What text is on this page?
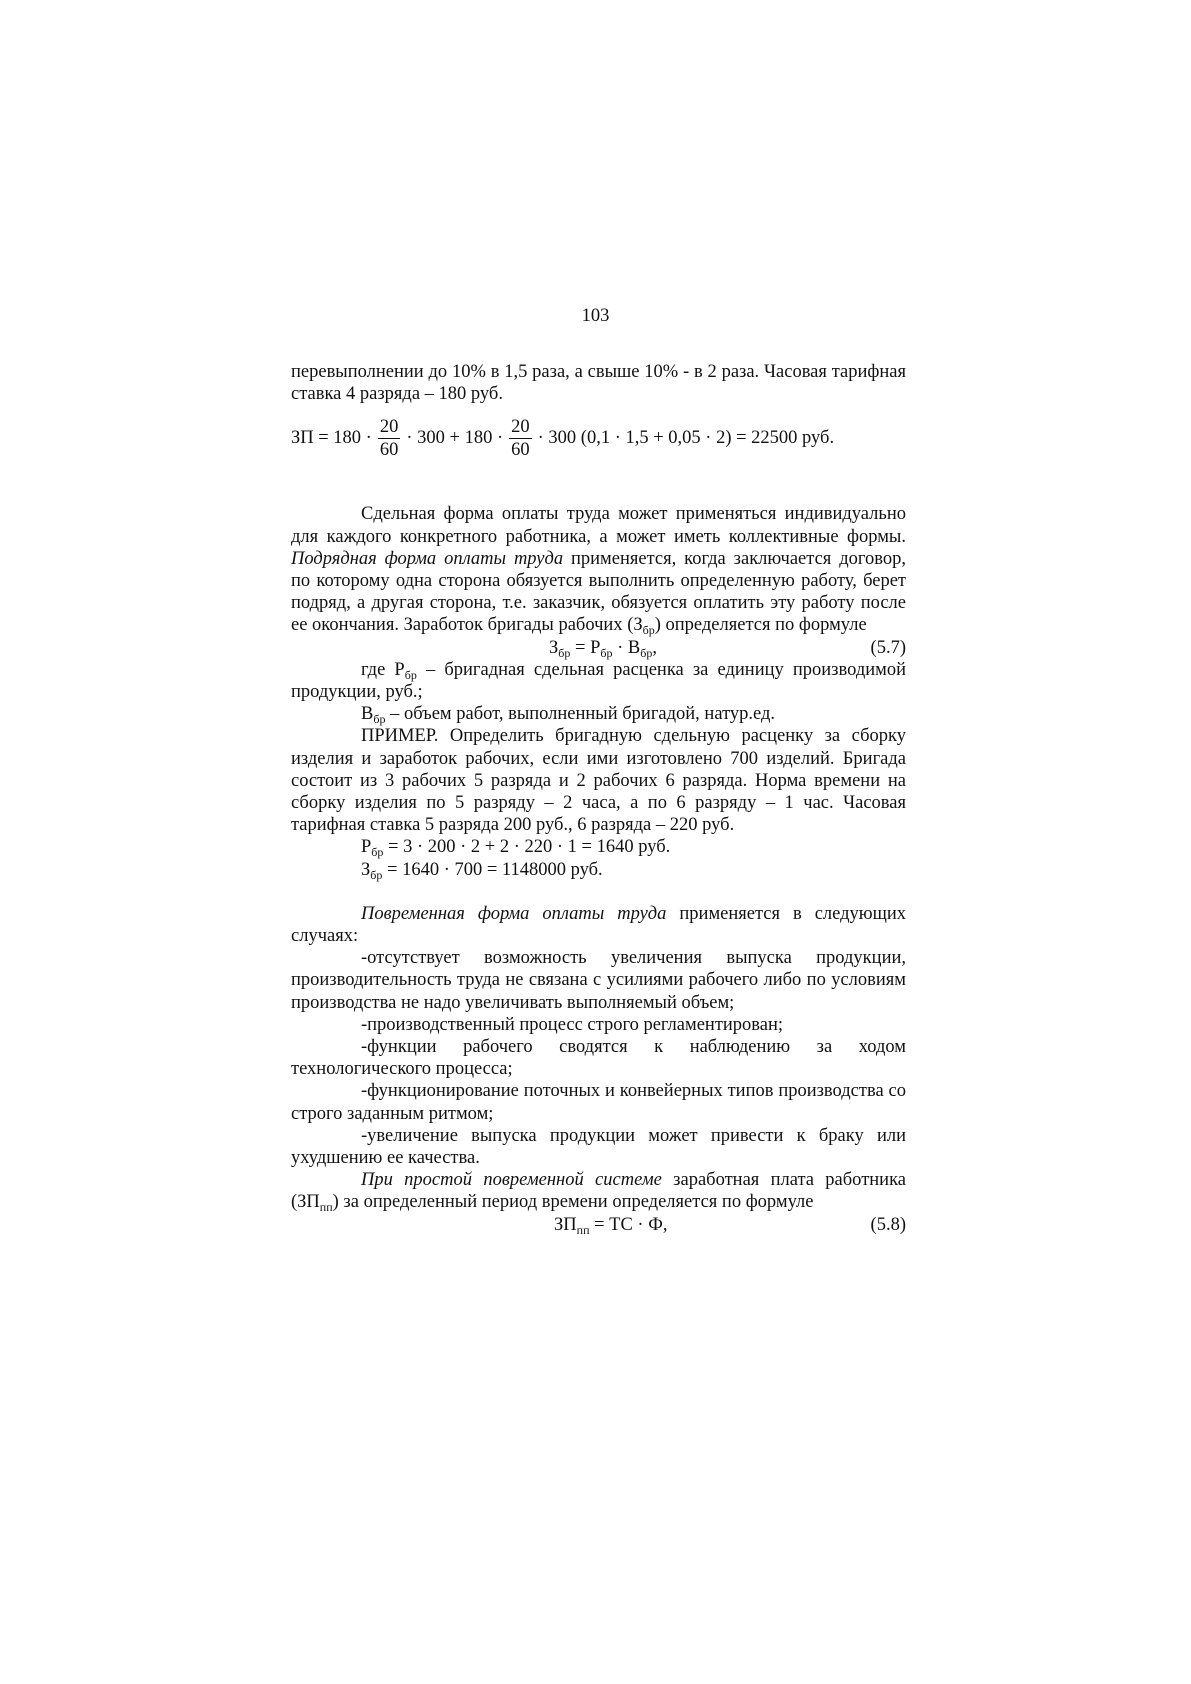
103

перевыполнении до 10% в 1,5 раза, а свыше 10% - в 2 раза. Часовая тарифная ставка 4 разряда – 180 руб.

ЗП = $180 \cdot \frac{20}{60} \cdot 300 + 180 \cdot \frac{20}{60} \cdot 300$ (0,1 · 1,5 + 0,05 · 2) = 22500 руб.

Сдельная форма оплаты труда может применяться индивидуально для каждого конкретного работника, а может иметь коллективные формы. Подрядная форма оплаты труда применяется, когда заключается договор, по которому одна сторона обязуется выполнить определенную работу, берет подряд, а другая сторона, т.е. заказчик, обязуется оплатить эту работу после ее окончания. Заработок бригады рабочих $(З_{бр})$ определяется по формуле

$З_{бр} = Р_{бр} \cdot В_{бр}$,	(5.7)

где $Р_{бр}$ – бригадная сдельная расценка за единицу производимой продукции, руб.;

$В_{бр}$ – объем работ, выполненный бригадой, натур.ед.

ПРИМЕР. Определить бригадную сдельную расценку за сборку изделия и заработок рабочих, если ими изготовлено 700 изделий. Бригада состоит из 3 рабочих 5 разряда и 2 рабочих 6 разряда. Норма времени на сборку изделия по 5 разряду – 2 часа, а по 6 разряду – 1 час. Часовая тарифная ставка 5 разряда 200 руб., 6 разряда – 220 руб.

$Р_{бр} = 3 \cdot 200 \cdot 2 + 2 \cdot 220 \cdot 1 = 1640$ руб.

$З_{бр} = 1640 \cdot 700 = 1148000$ руб.

Повременная форма оплаты труда применяется в следующих случаях:

-отсутствует возможность увеличения выпуска продукции, производительность труда не связана с усилиями рабочего либо по условиям производства не надо увеличивать выполняемый объем;

-производственный процесс строго регламентирован;

-функции рабочего сводятся к наблюдению за ходом технологического процесса;

-функционирование поточных и конвейерных типов производства со строго заданным ритмом;

-увеличение выпуска продукции может привести к браку или ухудшению ее качества.

При простой повременной системе заработная плата работника $(ЗП_{пп})$ за определенный период времени определяется по формуле

$ЗП_{пп}$ = ТС · Ф,	(5.8)
